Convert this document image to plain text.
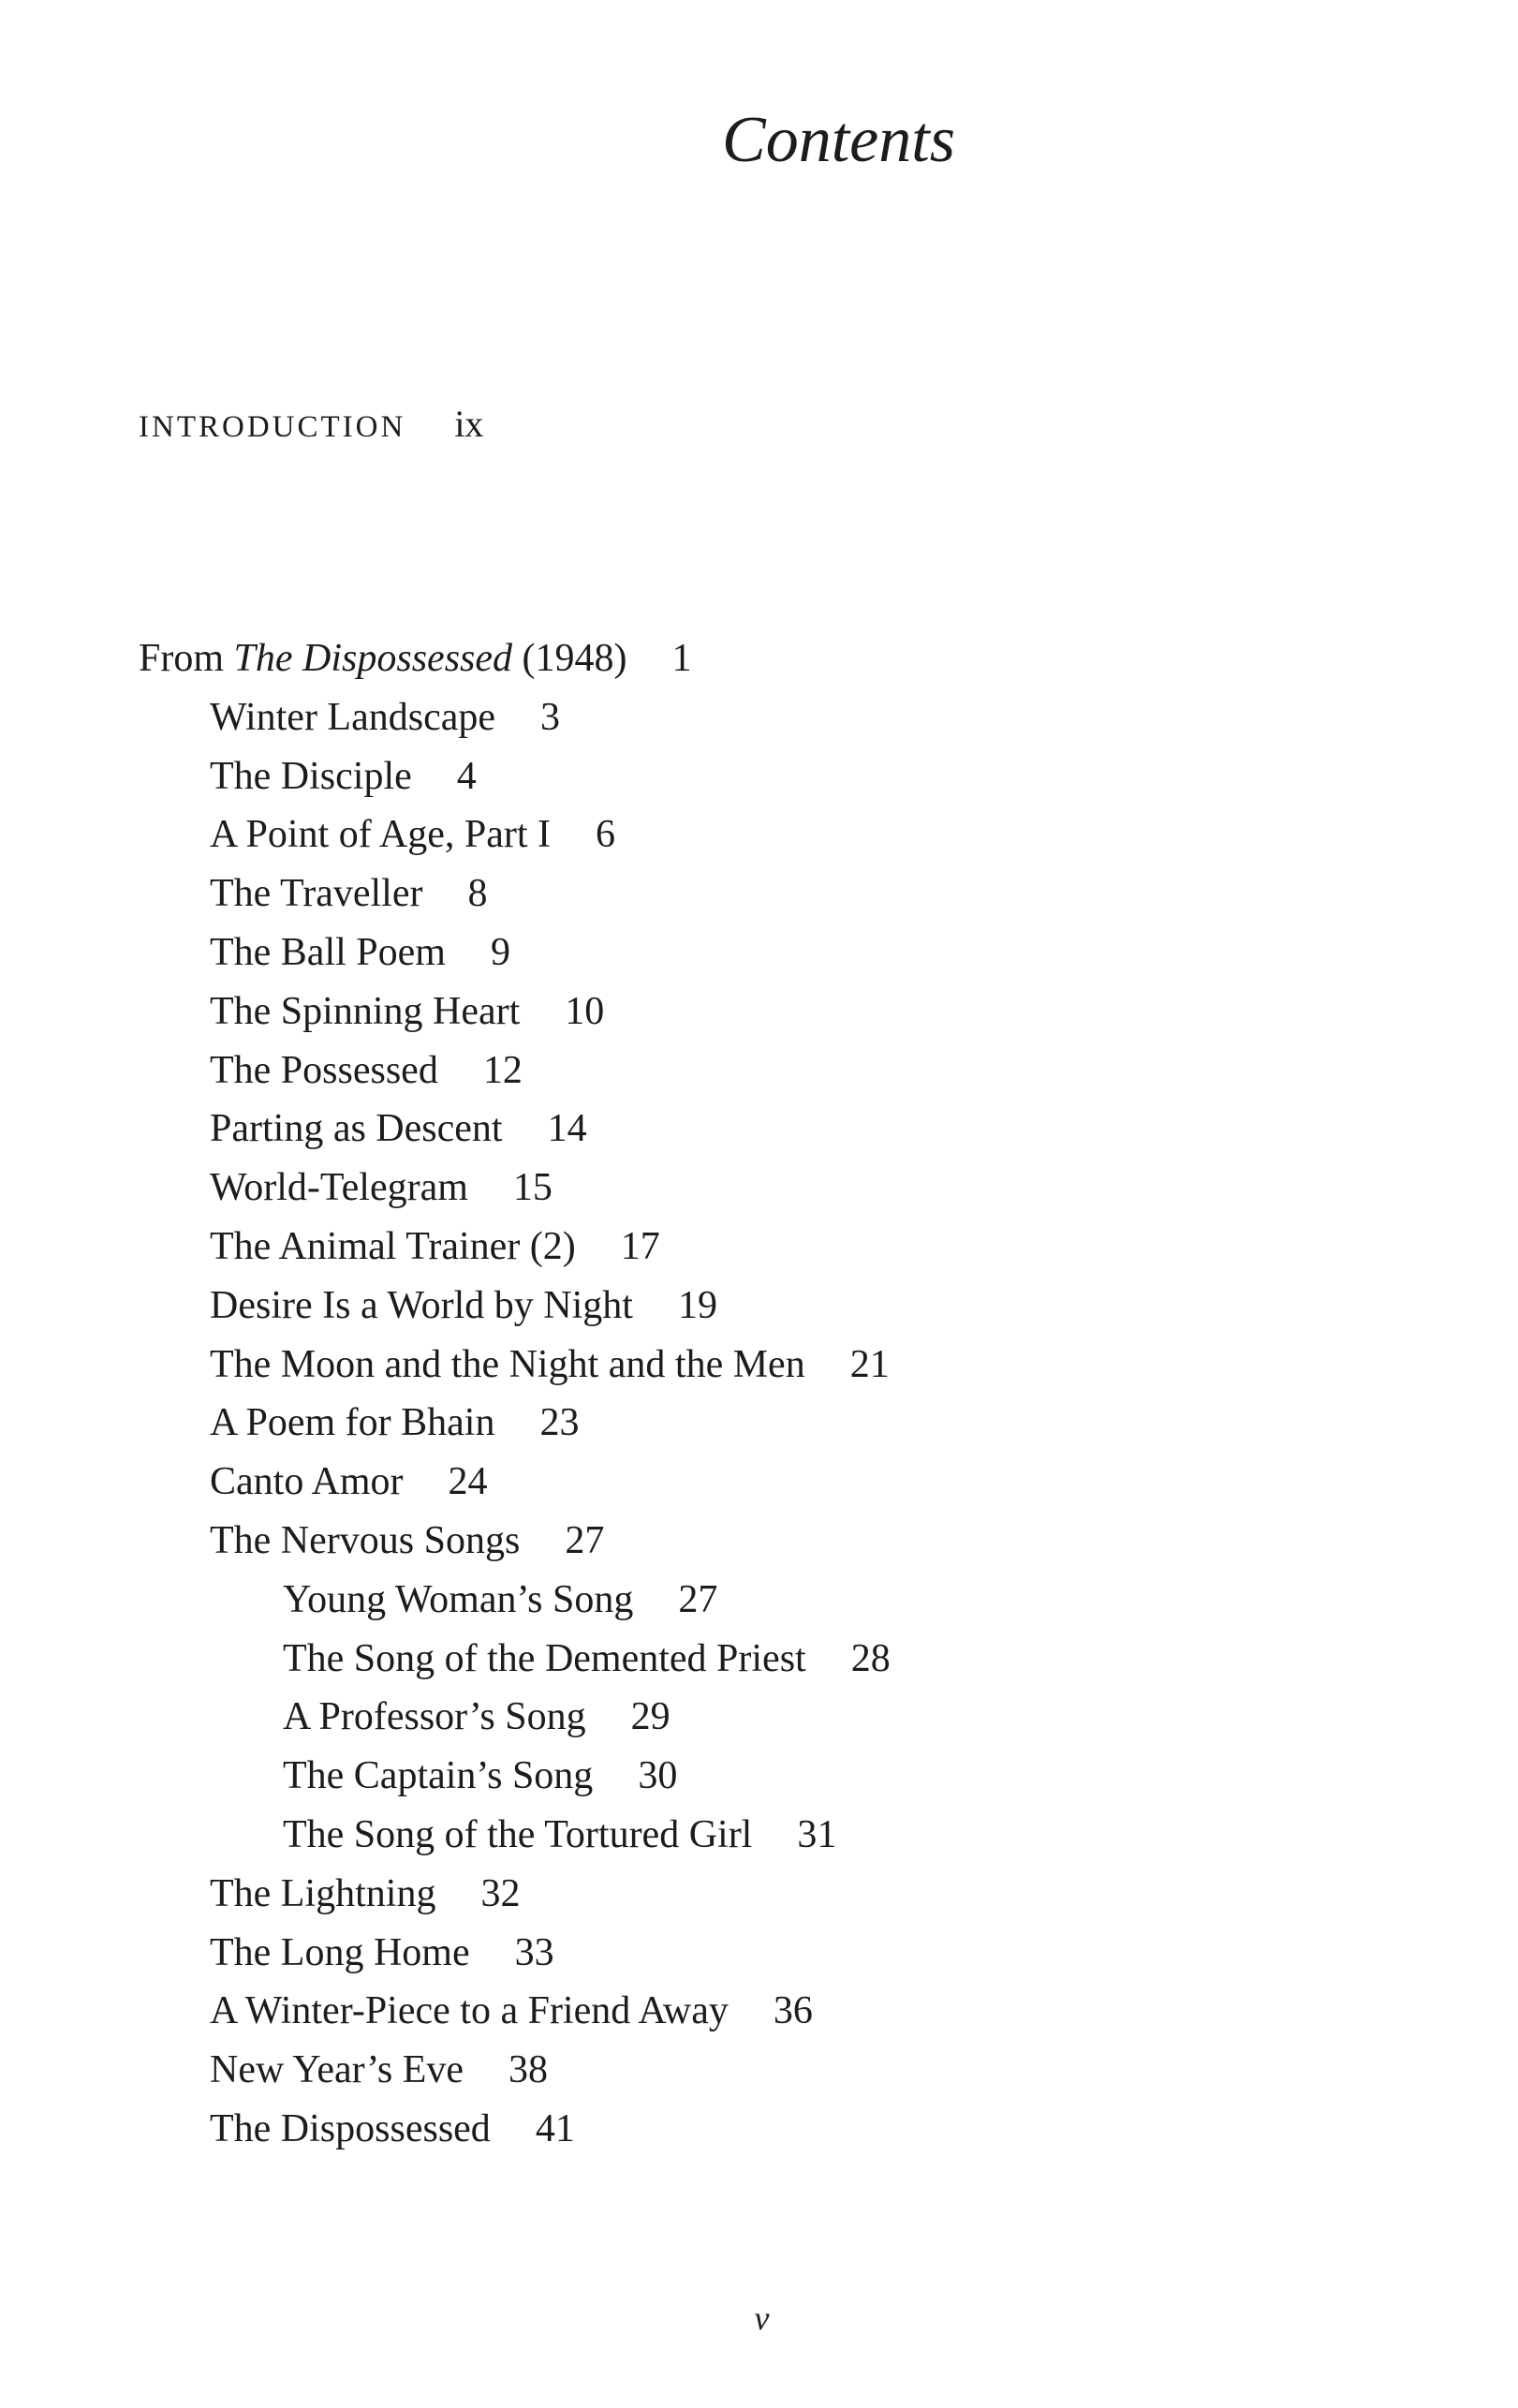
Contents
INTRODUCTION ix
From The Dispossessed (1948) 1
Winter Landscape 3
The Disciple 4
A Point of Age, Part I 6
The Traveller 8
The Ball Poem 9
The Spinning Heart 10
The Possessed 12
Parting as Descent 14
World-Telegram 15
The Animal Trainer (2) 17
Desire Is a World by Night 19
The Moon and the Night and the Men 21
A Poem for Bhain 23
Canto Amor 24
The Nervous Songs 27
Young Woman’s Song 27
The Song of the Demented Priest 28
A Professor’s Song 29
The Captain’s Song 30
The Song of the Tortured Girl 31
The Lightning 32
The Long Home 33
A Winter-Piece to a Friend Away 36
New Year’s Eve 38
The Dispossessed 41
v
